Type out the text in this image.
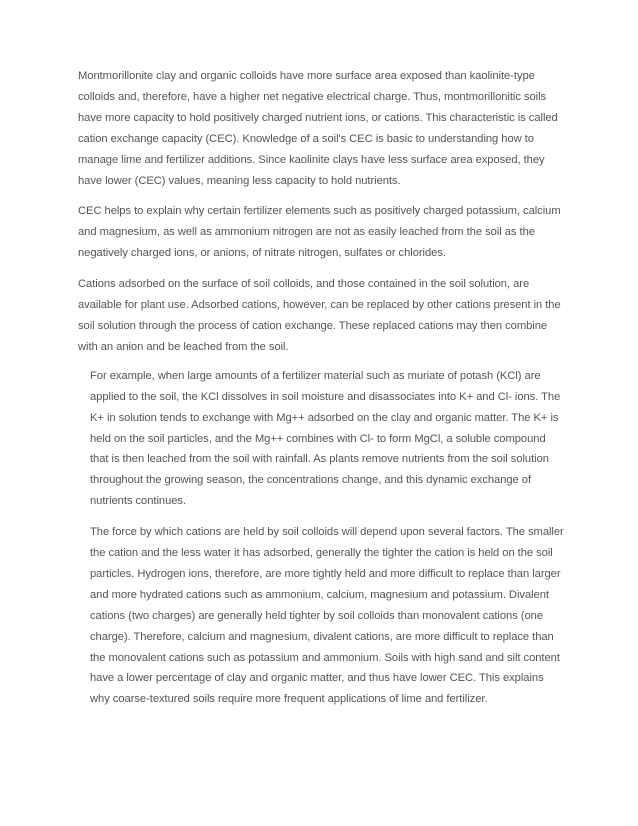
Montmorillonite clay and organic colloids have more surface area exposed than kaolinite-type colloids and, therefore, have a higher net negative electrical charge. Thus, montmorillonitic soils have more capacity to hold positively charged nutrient ions, or cations. This characteristic is called cation exchange capacity (CEC). Knowledge of a soil's CEC is basic to understanding how to manage lime and fertilizer additions. Since kaolinite clays have less surface area exposed, they have lower (CEC) values, meaning less capacity to hold nutrients.

CEC helps to explain why certain fertilizer elements such as positively charged potassium, calcium and magnesium, as well as ammonium nitrogen are not as easily leached from the soil as the negatively charged ions, or anions, of nitrate nitrogen, sulfates or chlorides.

Cations adsorbed on the surface of soil colloids, and those contained in the soil solution, are available for plant use. Adsorbed cations, however, can be replaced by other cations present in the soil solution through the process of cation exchange. These replaced cations may then combine with an anion and be leached from the soil.

For example, when large amounts of a fertilizer material such as muriate of potash (KCl) are applied to the soil, the KCl dissolves in soil moisture and disassociates into K+ and Cl- ions. The K+ in solution tends to exchange with Mg++ adsorbed on the clay and organic matter. The K+ is held on the soil particles, and the Mg++ combines with Cl- to form MgCl, a soluble compound that is then leached from the soil with rainfall. As plants remove nutrients from the soil solution throughout the growing season, the concentrations change, and this dynamic exchange of nutrients continues.

The force by which cations are held by soil colloids will depend upon several factors. The smaller the cation and the less water it has adsorbed, generally the tighter the cation is held on the soil particles. Hydrogen ions, therefore, are more tightly held and more difficult to replace than larger and more hydrated cations such as ammonium, calcium, magnesium and potassium. Divalent cations (two charges) are generally held tighter by soil colloids than monovalent cations (one charge). Therefore, calcium and magnesium, divalent cations, are more difficult to replace than the monovalent cations such as potassium and ammonium. Soils with high sand and silt content have a lower percentage of clay and organic matter, and thus have lower CEC. This explains why coarse-textured soils require more frequent applications of lime and fertilizer.
